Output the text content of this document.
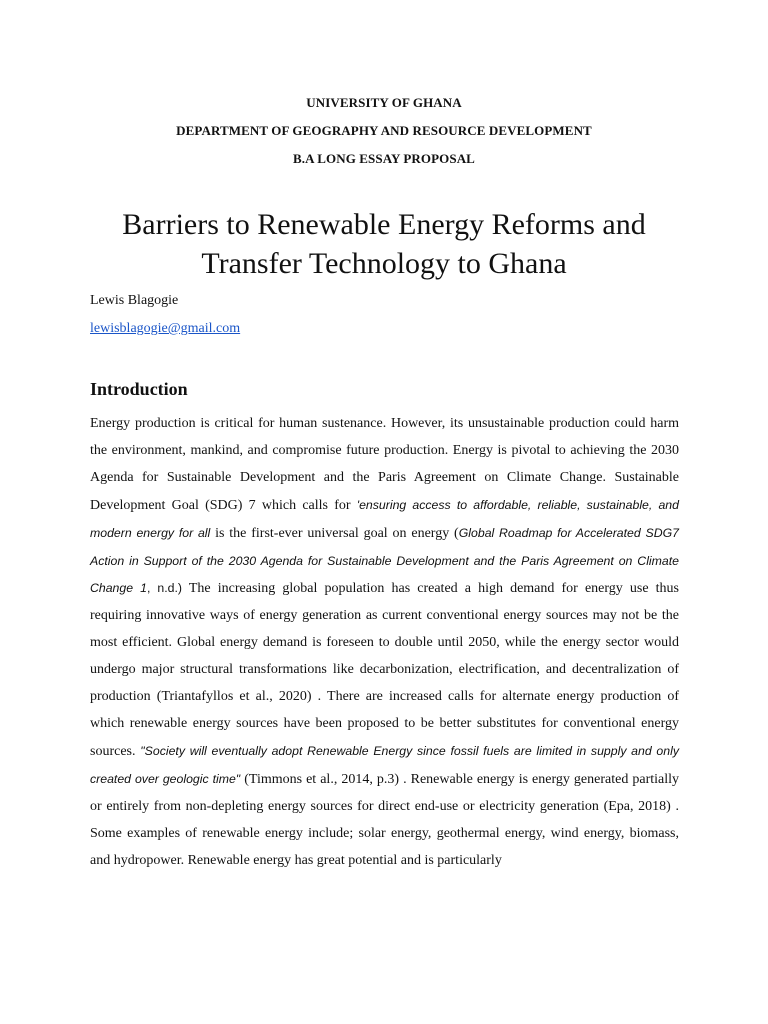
UNIVERSITY OF GHANA
DEPARTMENT OF GEOGRAPHY AND RESOURCE DEVELOPMENT
B.A LONG ESSAY PROPOSAL
Barriers to Renewable Energy Reforms and
Transfer Technology to Ghana
Lewis Blagogie
lewisblagogie@gmail.com
Introduction

Energy production is critical for human sustenance. However, its unsustainable production could harm the environment, mankind, and compromise future production. Energy is pivotal to achieving the 2030 Agenda for Sustainable Development and the Paris Agreement on Climate Change. Sustainable Development Goal (SDG) 7 which calls for 'ensuring access to affordable, reliable, sustainable, and modern energy for all is the first-ever universal goal on energy (Global Roadmap for Accelerated SDG7 Action in Support of the 2030 Agenda for Sustainable Development and the Paris Agreement on Climate Change 1, n.d.) The increasing global population has created a high demand for energy use thus requiring innovative ways of energy generation as current conventional energy sources may not be the most efficient. Global energy demand is foreseen to double until 2050, while the energy sector would undergo major structural transformations like decarbonization, electrification, and decentralization of production (Triantafyllos et al., 2020) . There are increased calls for alternate energy production of which renewable energy sources have been proposed to be better substitutes for conventional energy sources. "Society will eventually adopt Renewable Energy since fossil fuels are limited in supply and only created over geologic time" (Timmons et al., 2014, p.3) . Renewable energy is energy generated partially or entirely from non-depleting energy sources for direct end-use or electricity generation (Epa, 2018) . Some examples of renewable energy include; solar energy, geothermal energy, wind energy, biomass, and hydropower. Renewable energy has great potential and is particularly
